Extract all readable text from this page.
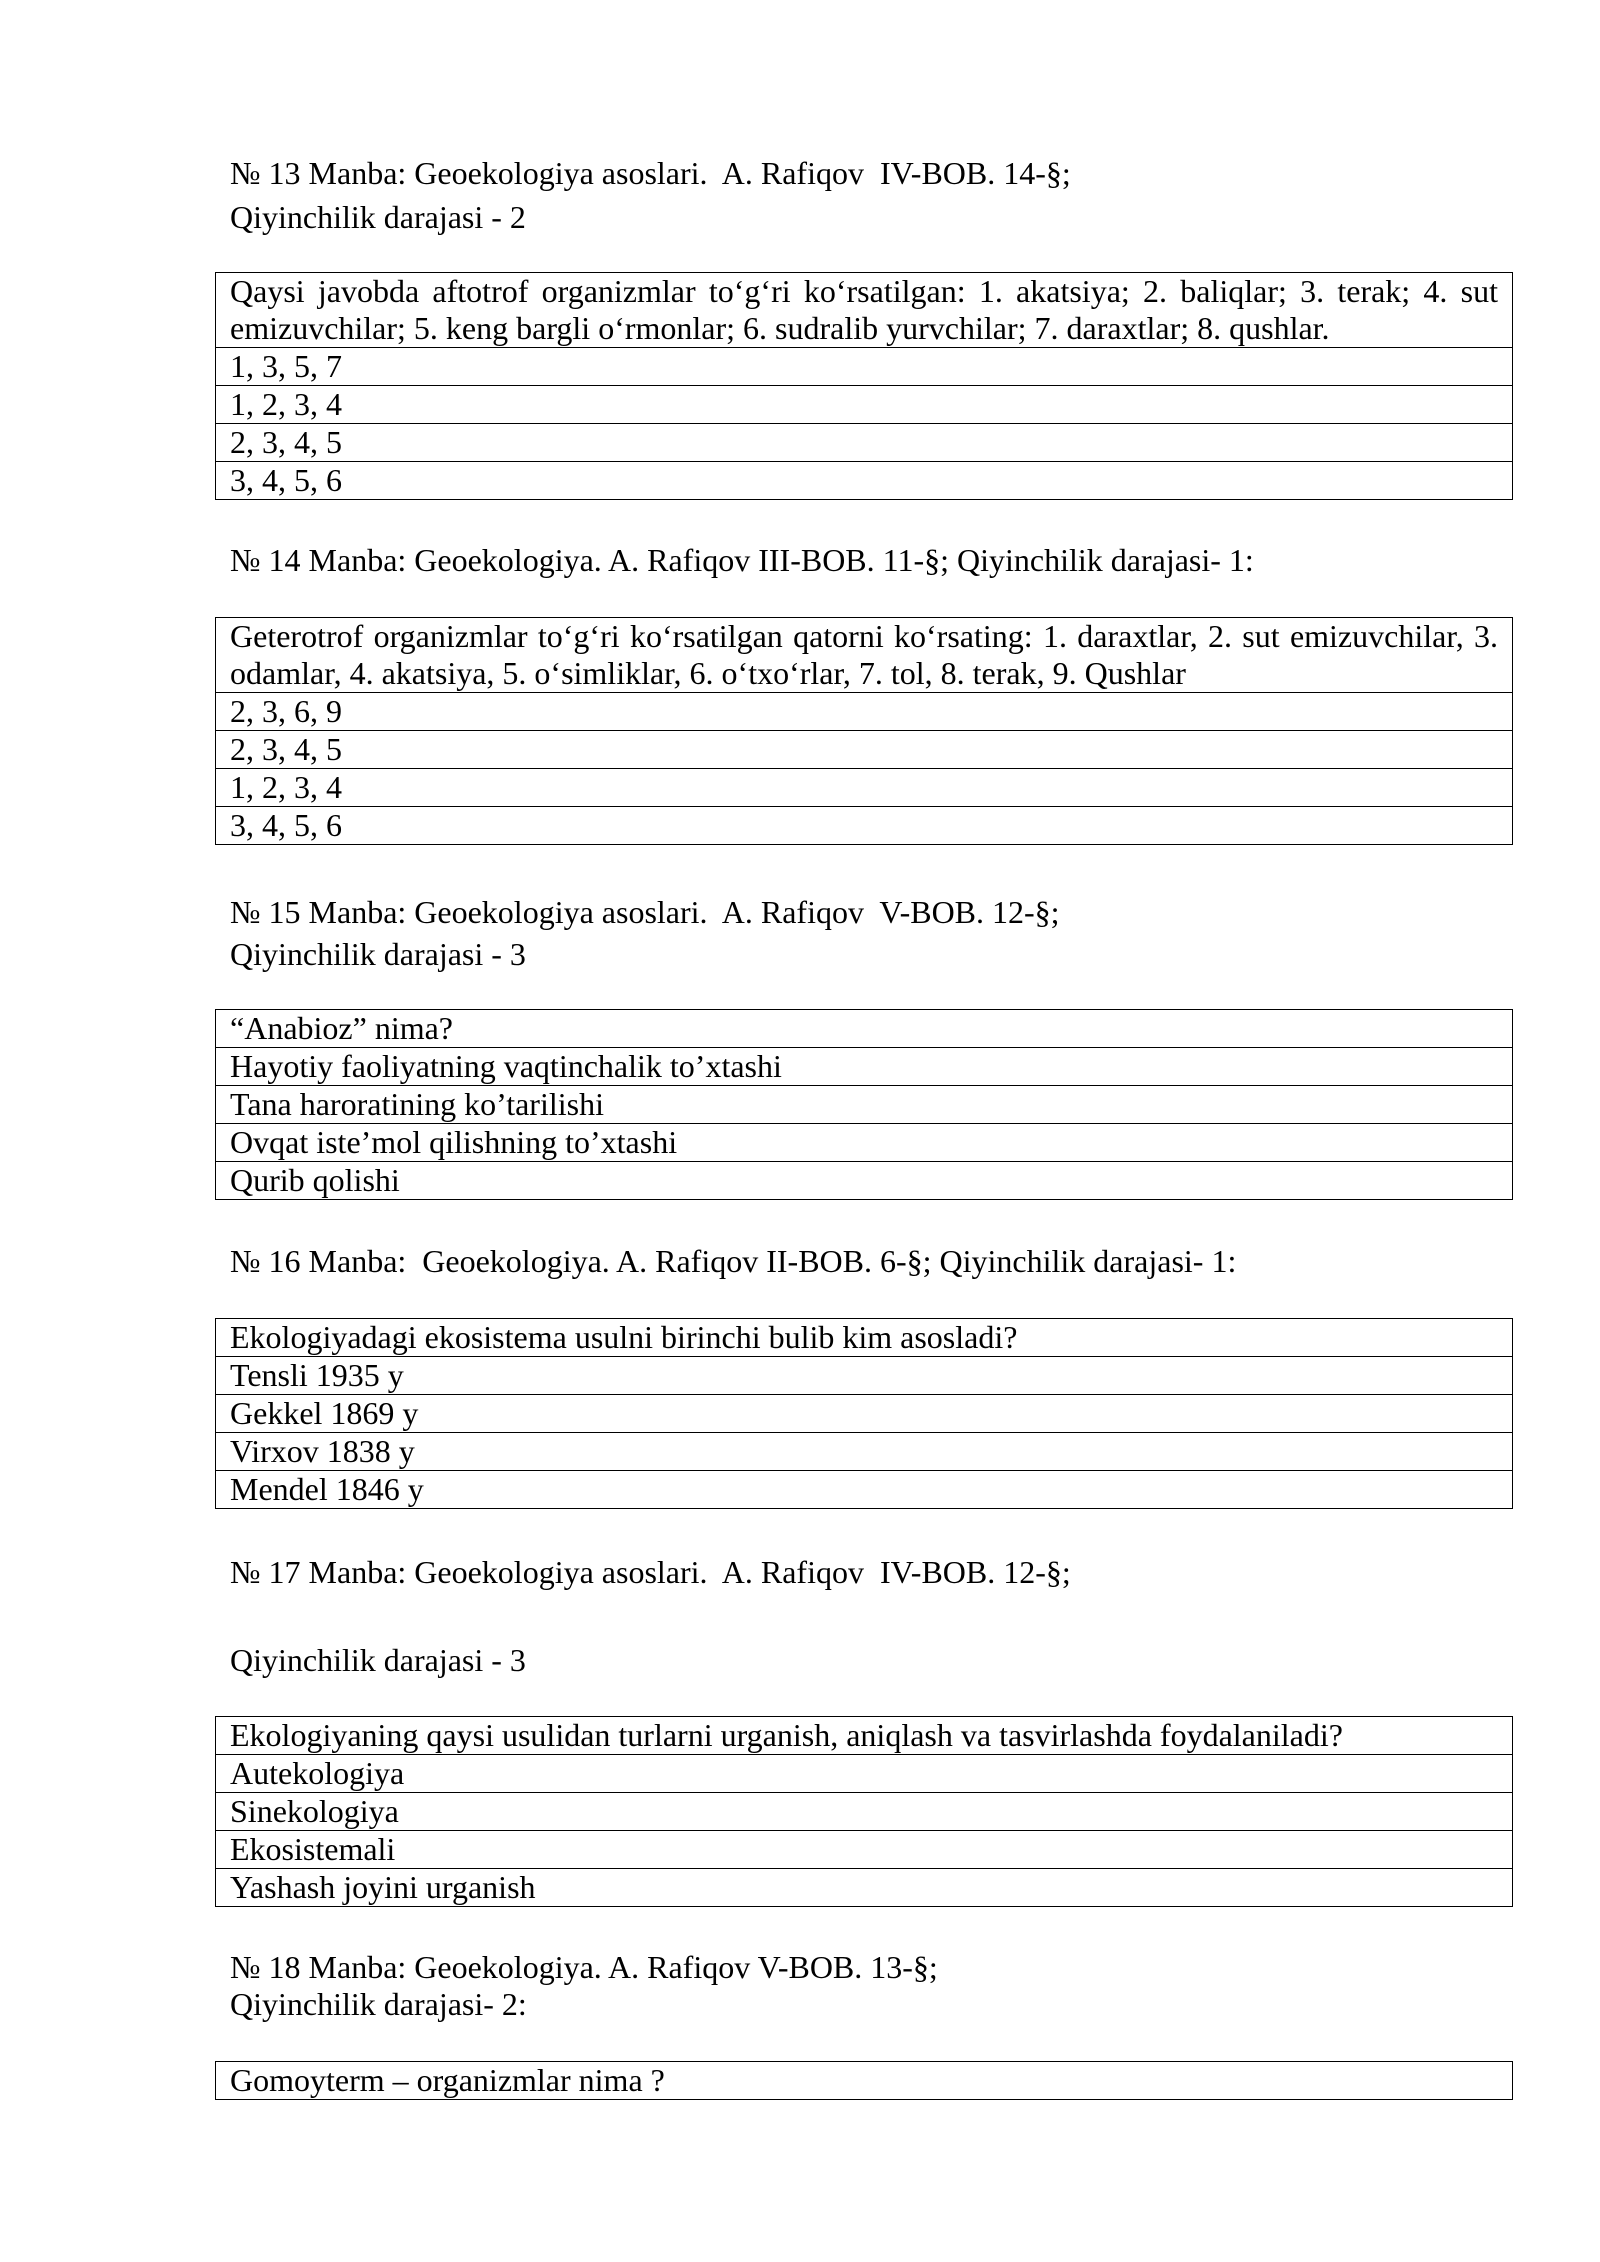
№ 13 Manba: Geoekologiya asoslari.  A. Rafiqov  IV-BOB. 14-§;
Qiyinchilik darajasi - 2
Qaysi javobda aftotrof organizmlar to‘g‘ri ko‘rsatilgan: 1. akatsiya; 2. baliqlar; 3. terak; 4. sut emizuvchilar; 5. keng bargli o‘rmonlar; 6. sudralib yurvchilar; 7. daraxtlar; 8. qushlar.
1, 3, 5, 7
1, 2, 3, 4
2, 3, 4, 5
3, 4, 5, 6
№ 14 Manba: Geoekologiya. A. Rafiqov III-BOB. 11-§; Qiyinchilik darajasi- 1:
Geterotrof organizmlar to‘g‘ri ko‘rsatilgan qatorni ko‘rsating: 1. daraxtlar, 2. sut emizuvchilar, 3. odamlar, 4. akatsiya, 5. o‘simliklar, 6. o‘txo‘rlar, 7. tol, 8. terak, 9. Qushlar
2, 3, 6, 9
2, 3, 4, 5
1, 2, 3, 4
3, 4, 5, 6
№ 15 Manba: Geoekologiya asoslari.  A. Rafiqov  V-BOB. 12-§;
Qiyinchilik darajasi - 3
“Anabioz” nima?
Hayotiy faoliyatning vaqtinchalik to’xtashi
Tana haroratining ko’tarilishi
Ovqat iste’mol qilishning to’xtashi
Qurib qolishi
№ 16 Manba:  Geoekologiya. A. Rafiqov II-BOB. 6-§; Qiyinchilik darajasi- 1:
Ekologiyadagi ekosistema usulni birinchi bulib kim asosladi?
Tensli 1935 y
Gekkel 1869 y
Virxov 1838 y
Mendel 1846 y
№ 17 Manba: Geoekologiya asoslari.  A. Rafiqov  IV-BOB. 12-§;
Qiyinchilik darajasi - 3
Ekologiyaning qaysi usulidan turlarni urganish, aniqlash va tasvirlashda foydalaniladi?
Autekologiya
Sinekologiya
Ekosistemali
Yashash joyini urganish
№ 18 Manba: Geoekologiya. A. Rafiqov V-BOB. 13-§;
Qiyinchilik darajasi- 2:
Gomoyterm – organizmlar nima ?
